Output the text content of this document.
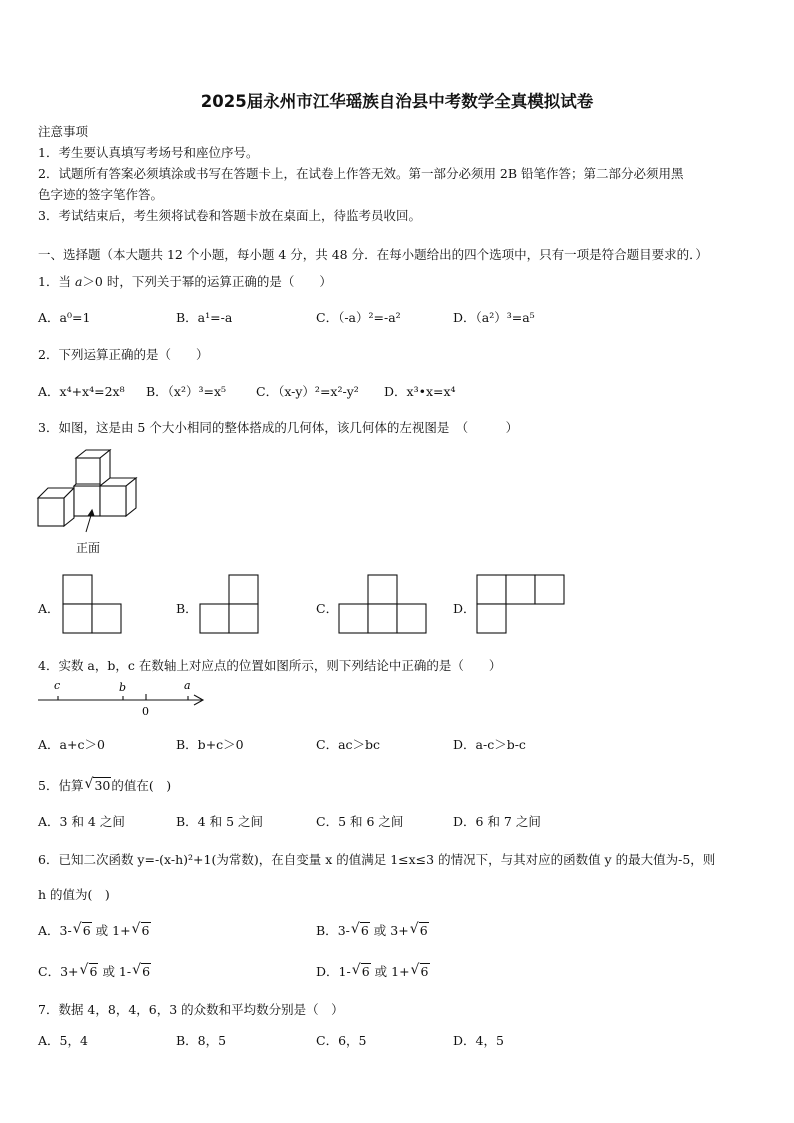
2025届永州市江华瑶族自治县中考数学全真模拟试卷
注意事项
1．考生要认真填写考场号和座位序号。
2．试题所有答案必须填涂或书写在答题卡上，在试卷上作答无效。第一部分必须用 2B 铅笔作答；第二部分必须用黑
色字迹的签字笔作答。
3．考试结束后，考生须将试卷和答题卡放在桌面上，待监考员收回。
一、选择题（本大题共 12 个小题，每小题 4 分，共 48 分．在每小题给出的四个选项中，只有一项是符合题目要求的．）
1．当 a＞0 时，下列关于幂的运算正确的是（　　）
A．a⁰=1	B．a¹=-a	C．（-a）²=-a²	D．（a²）³=a⁵
2．下列运算正确的是（　　）
A．x⁴+x⁴=2x⁸ B．（x²）³=x⁵ C．（x-y）²=x²-y² D．x³•x=x⁴
3．如图，这是由 5 个大小相同的整体搭成的几何体，该几何体的左视图是　（　　　）
正面
A．	B．	C．	D．
4．实数 a，b，c 在数轴上对应点的位置如图所示，则下列结论中正确的是（　　）
c	b	a
0
A．a+c＞0	B．b+c＞0	C．ac＞bc	D．a-c＞b-c
5．估算 √ 30的值在(　)
A．3 和 4 之间	B．4 和 5 之间	C．5 和 6 之间	D．6 和 7 之间
6．已知二次函数 y=-(x-h)²+1(为常数)，在自变量 x 的值满足 1≤x≤3 的情况下，与其对应的函数值 y 的最大值为-5，则
h 的值为(　)
A．3- √ 6 或 1+ √ 6	B．3- √ 6 或 3+ √ 6
C．3+ √ 6 或 1- √ 6	D．1- √ 6 或 1+ √ 6
7．数据 4，8，4，6，3 的众数和平均数分别是（　）
A．5，4	B．8，5	C．6，5	D．4，5
